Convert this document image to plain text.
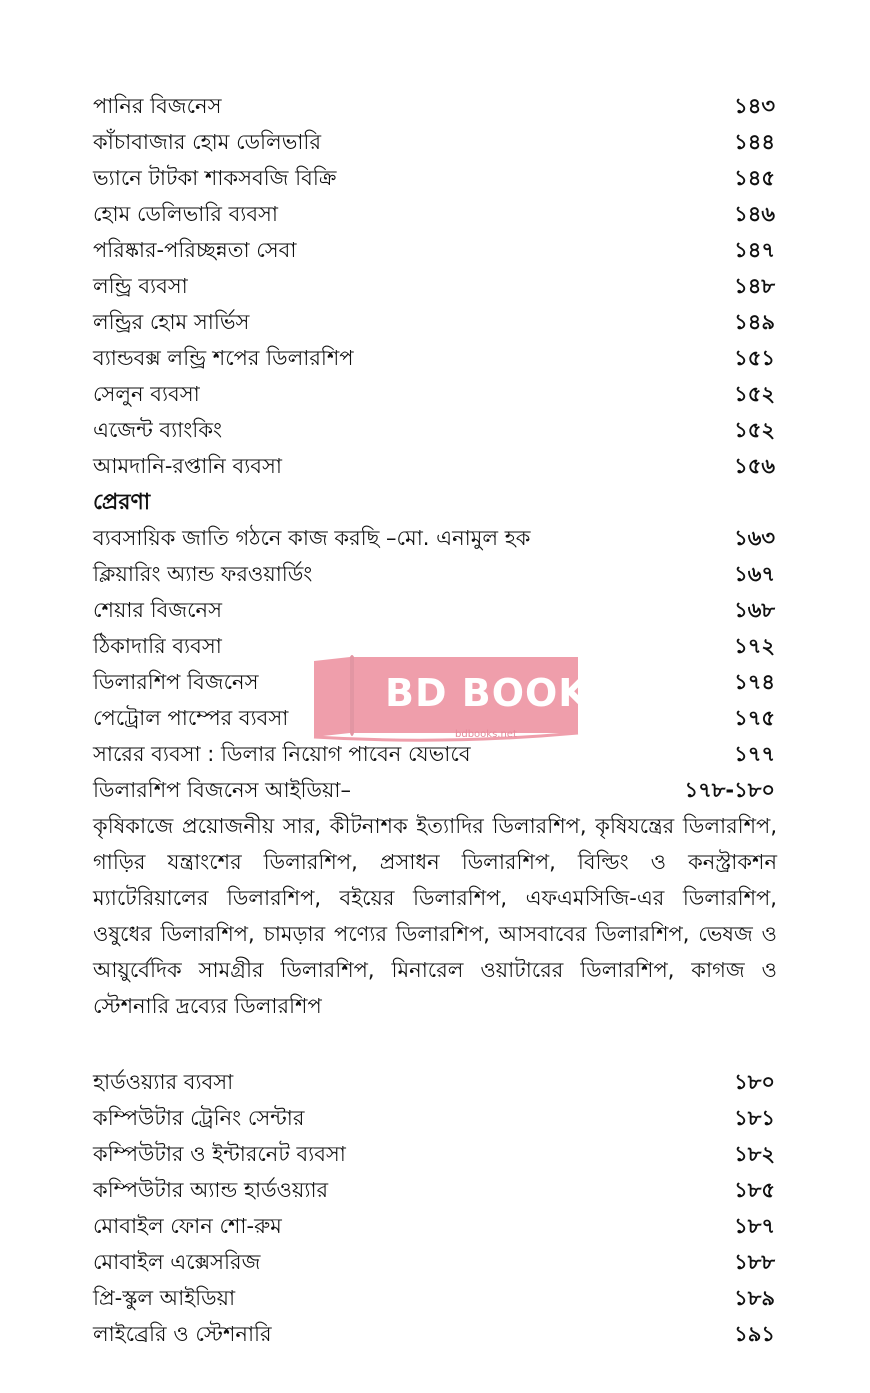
পানির বিজনেস	১৪৩
কাঁচাবাজার হোম ডেলিভারি	১৪৪
ভ্যানে টাটকা শাকসবজি বিক্রি	১৪৫
হোম ডেলিভারি ব্যবসা	১৪৬
পরিষ্কার-পরিচ্ছন্নতা সেবা	১৪৭
লন্ড্রি ব্যবসা	১৪৮
লন্ড্রির হোম সার্ভিস	১৪৯
ব্যান্ডবক্স লন্ড্রি শপের ডিলারশিপ	১৫১
সেলুন ব্যবসা	১৫২
এজেন্ট ব্যাংকিং	১৫২
আমদানি-রপ্তানি ব্যবসা	১৫৬
প্রেরণা
ব্যবসায়িক জাতি গঠনে কাজ করছি –মো. এনামুল হক	১৬৩
ক্লিয়ারিং অ্যান্ড ফরওয়ার্ডিং	১৬৭
শেয়ার বিজনেস	১৬৮
ঠিকাদারি ব্যবসা	১৭২
ডিলারশিপ বিজনেস	১৭৪
পেট্রোল পাম্পের ব্যবসা	১৭৫
সারের ব্যবসা : ডিলার নিয়োগ পাবেন যেভাবে	১৭৭
ডিলারশিপ বিজনেস আইডিয়া–	১৭৮-১৮০
কৃষিকাজে প্রয়োজনীয় সার, কীটনাশক ইত্যাদির ডিলারশিপ, কৃষিযন্ত্রের ডিলারশিপ, গাড়ির যন্ত্রাংশের ডিলারশিপ, প্রসাধন ডিলারশিপ, বিল্ডিং ও কনস্ট্রাকশন ম্যাটেরিয়ালের ডিলারশিপ, বইয়ের ডিলারশিপ, এফএমসিজি-এর ডিলারশিপ, ওষুধের ডিলারশিপ, চামড়ার পণ্যের ডিলারশিপ, আসবাবের ডিলারশিপ, ভেষজ ও আয়ুর্বেদিক সামগ্রীর ডিলারশিপ, মিনারেল ওয়াটারের ডিলারশিপ, কাগজ ও স্টেশনারি দ্রব্যের ডিলারশিপ
হার্ডওয়্যার ব্যবসা	১৮০
কম্পিউটার ট্রেনিং সেন্টার	১৮১
কম্পিউটার ও ইন্টারনেট ব্যবসা	১৮২
কম্পিউটার অ্যান্ড হার্ডওয়্যার	১৮৫
মোবাইল ফোন শো-রুম	১৮৭
মোবাইল এক্সেসরিজ	১৮৮
প্রি-স্কুল আইডিয়া	১৮৯
লাইব্রেরি ও স্টেশনারি	১৯১
BD BOOKS
bdbooks.net
